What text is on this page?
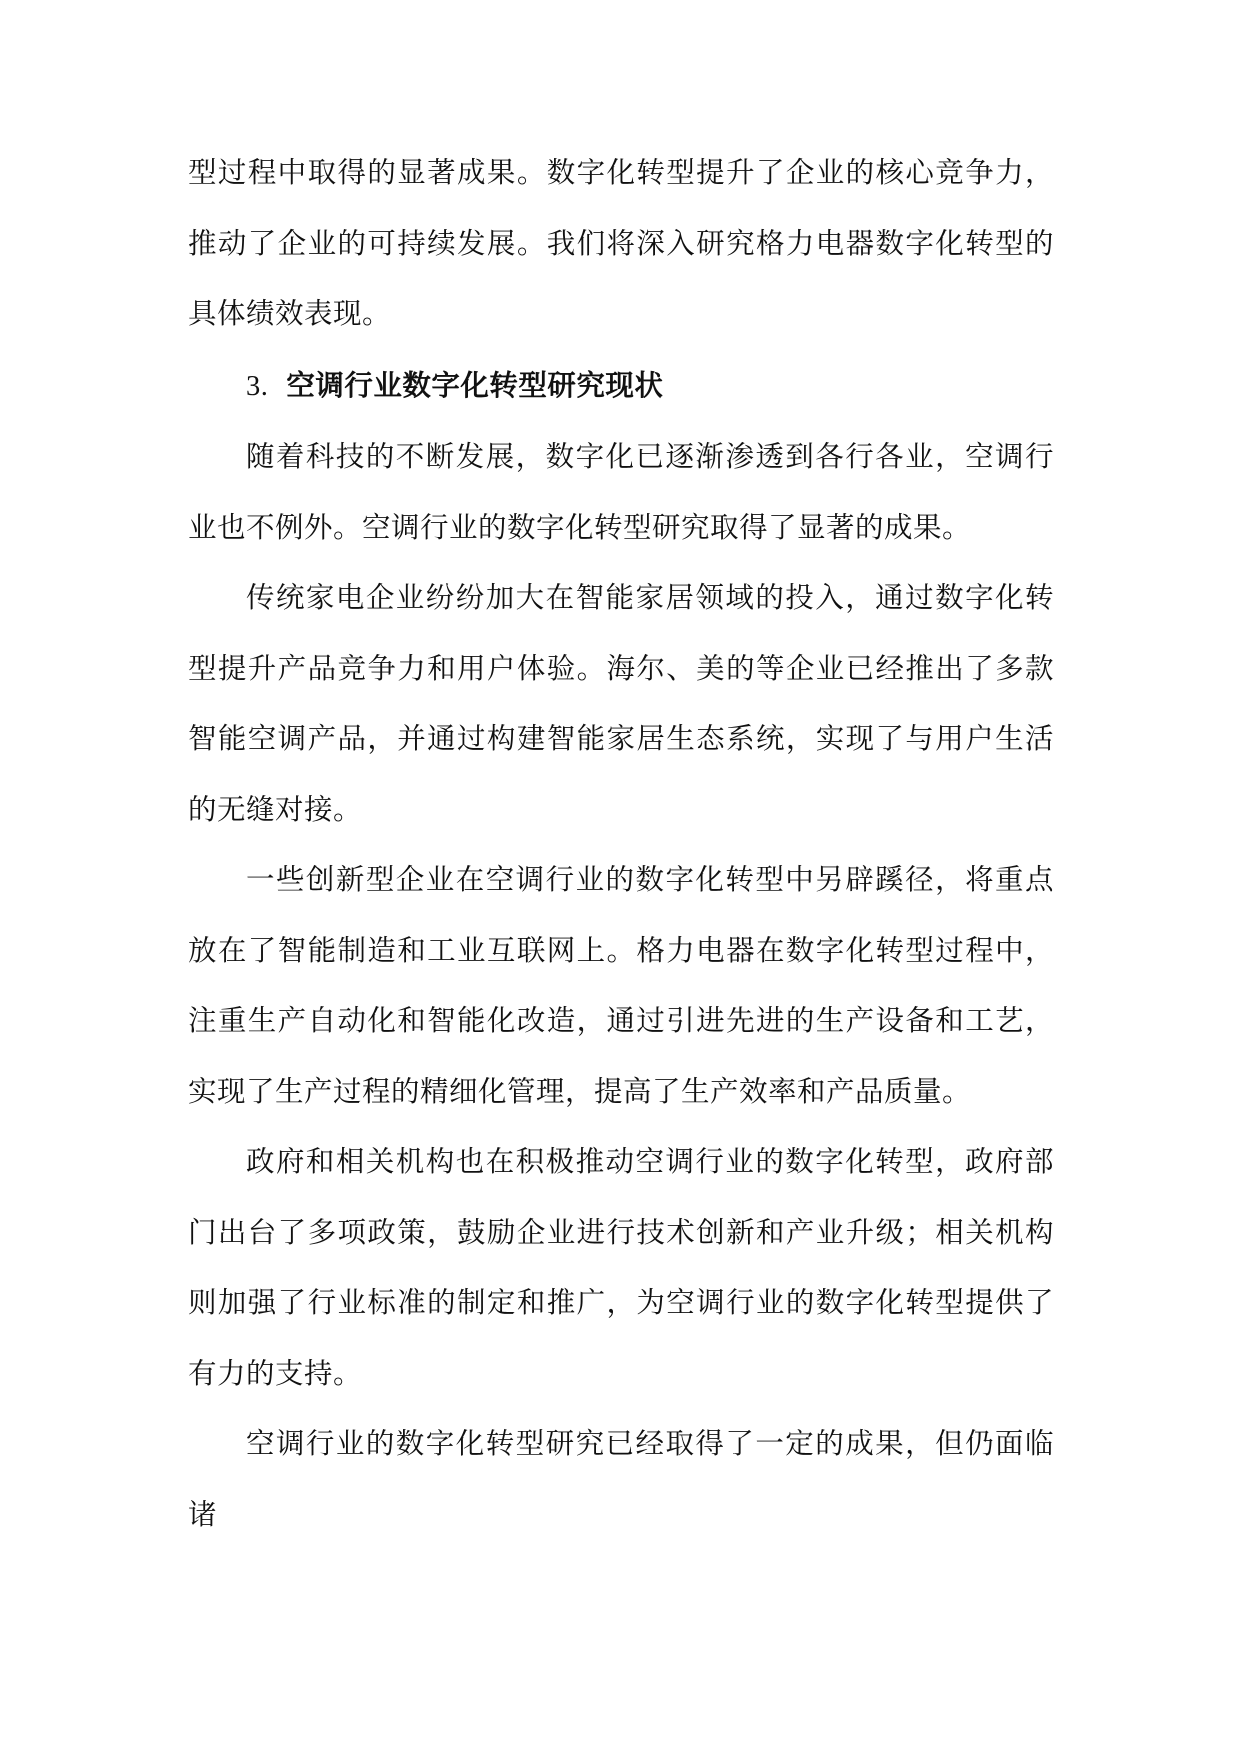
型过程中取得的显著成果。数字化转型提升了企业的核心竞争力，推动了企业的可持续发展。我们将深入研究格力电器数字化转型的具体绩效表现。

3. 空调行业数字化转型研究现状

随着科技的不断发展，数字化已逐渐渗透到各行各业，空调行业也不例外。空调行业的数字化转型研究取得了显著的成果。

传统家电企业纷纷加大在智能家居领域的投入，通过数字化转型提升产品竞争力和用户体验。海尔、美的等企业已经推出了多款智能空调产品，并通过构建智能家居生态系统，实现了与用户生活的无缝对接。

一些创新型企业在空调行业的数字化转型中另辟蹊径，将重点放在了智能制造和工业互联网上。格力电器在数字化转型过程中，注重生产自动化和智能化改造，通过引进先进的生产设备和工艺，实现了生产过程的精细化管理，提高了生产效率和产品质量。

政府和相关机构也在积极推动空调行业的数字化转型，政府部门出台了多项政策，鼓励企业进行技术创新和产业升级；相关机构则加强了行业标准的制定和推广，为空调行业的数字化转型提供了有力的支持。

空调行业的数字化转型研究已经取得了一定的成果，但仍面临诸
